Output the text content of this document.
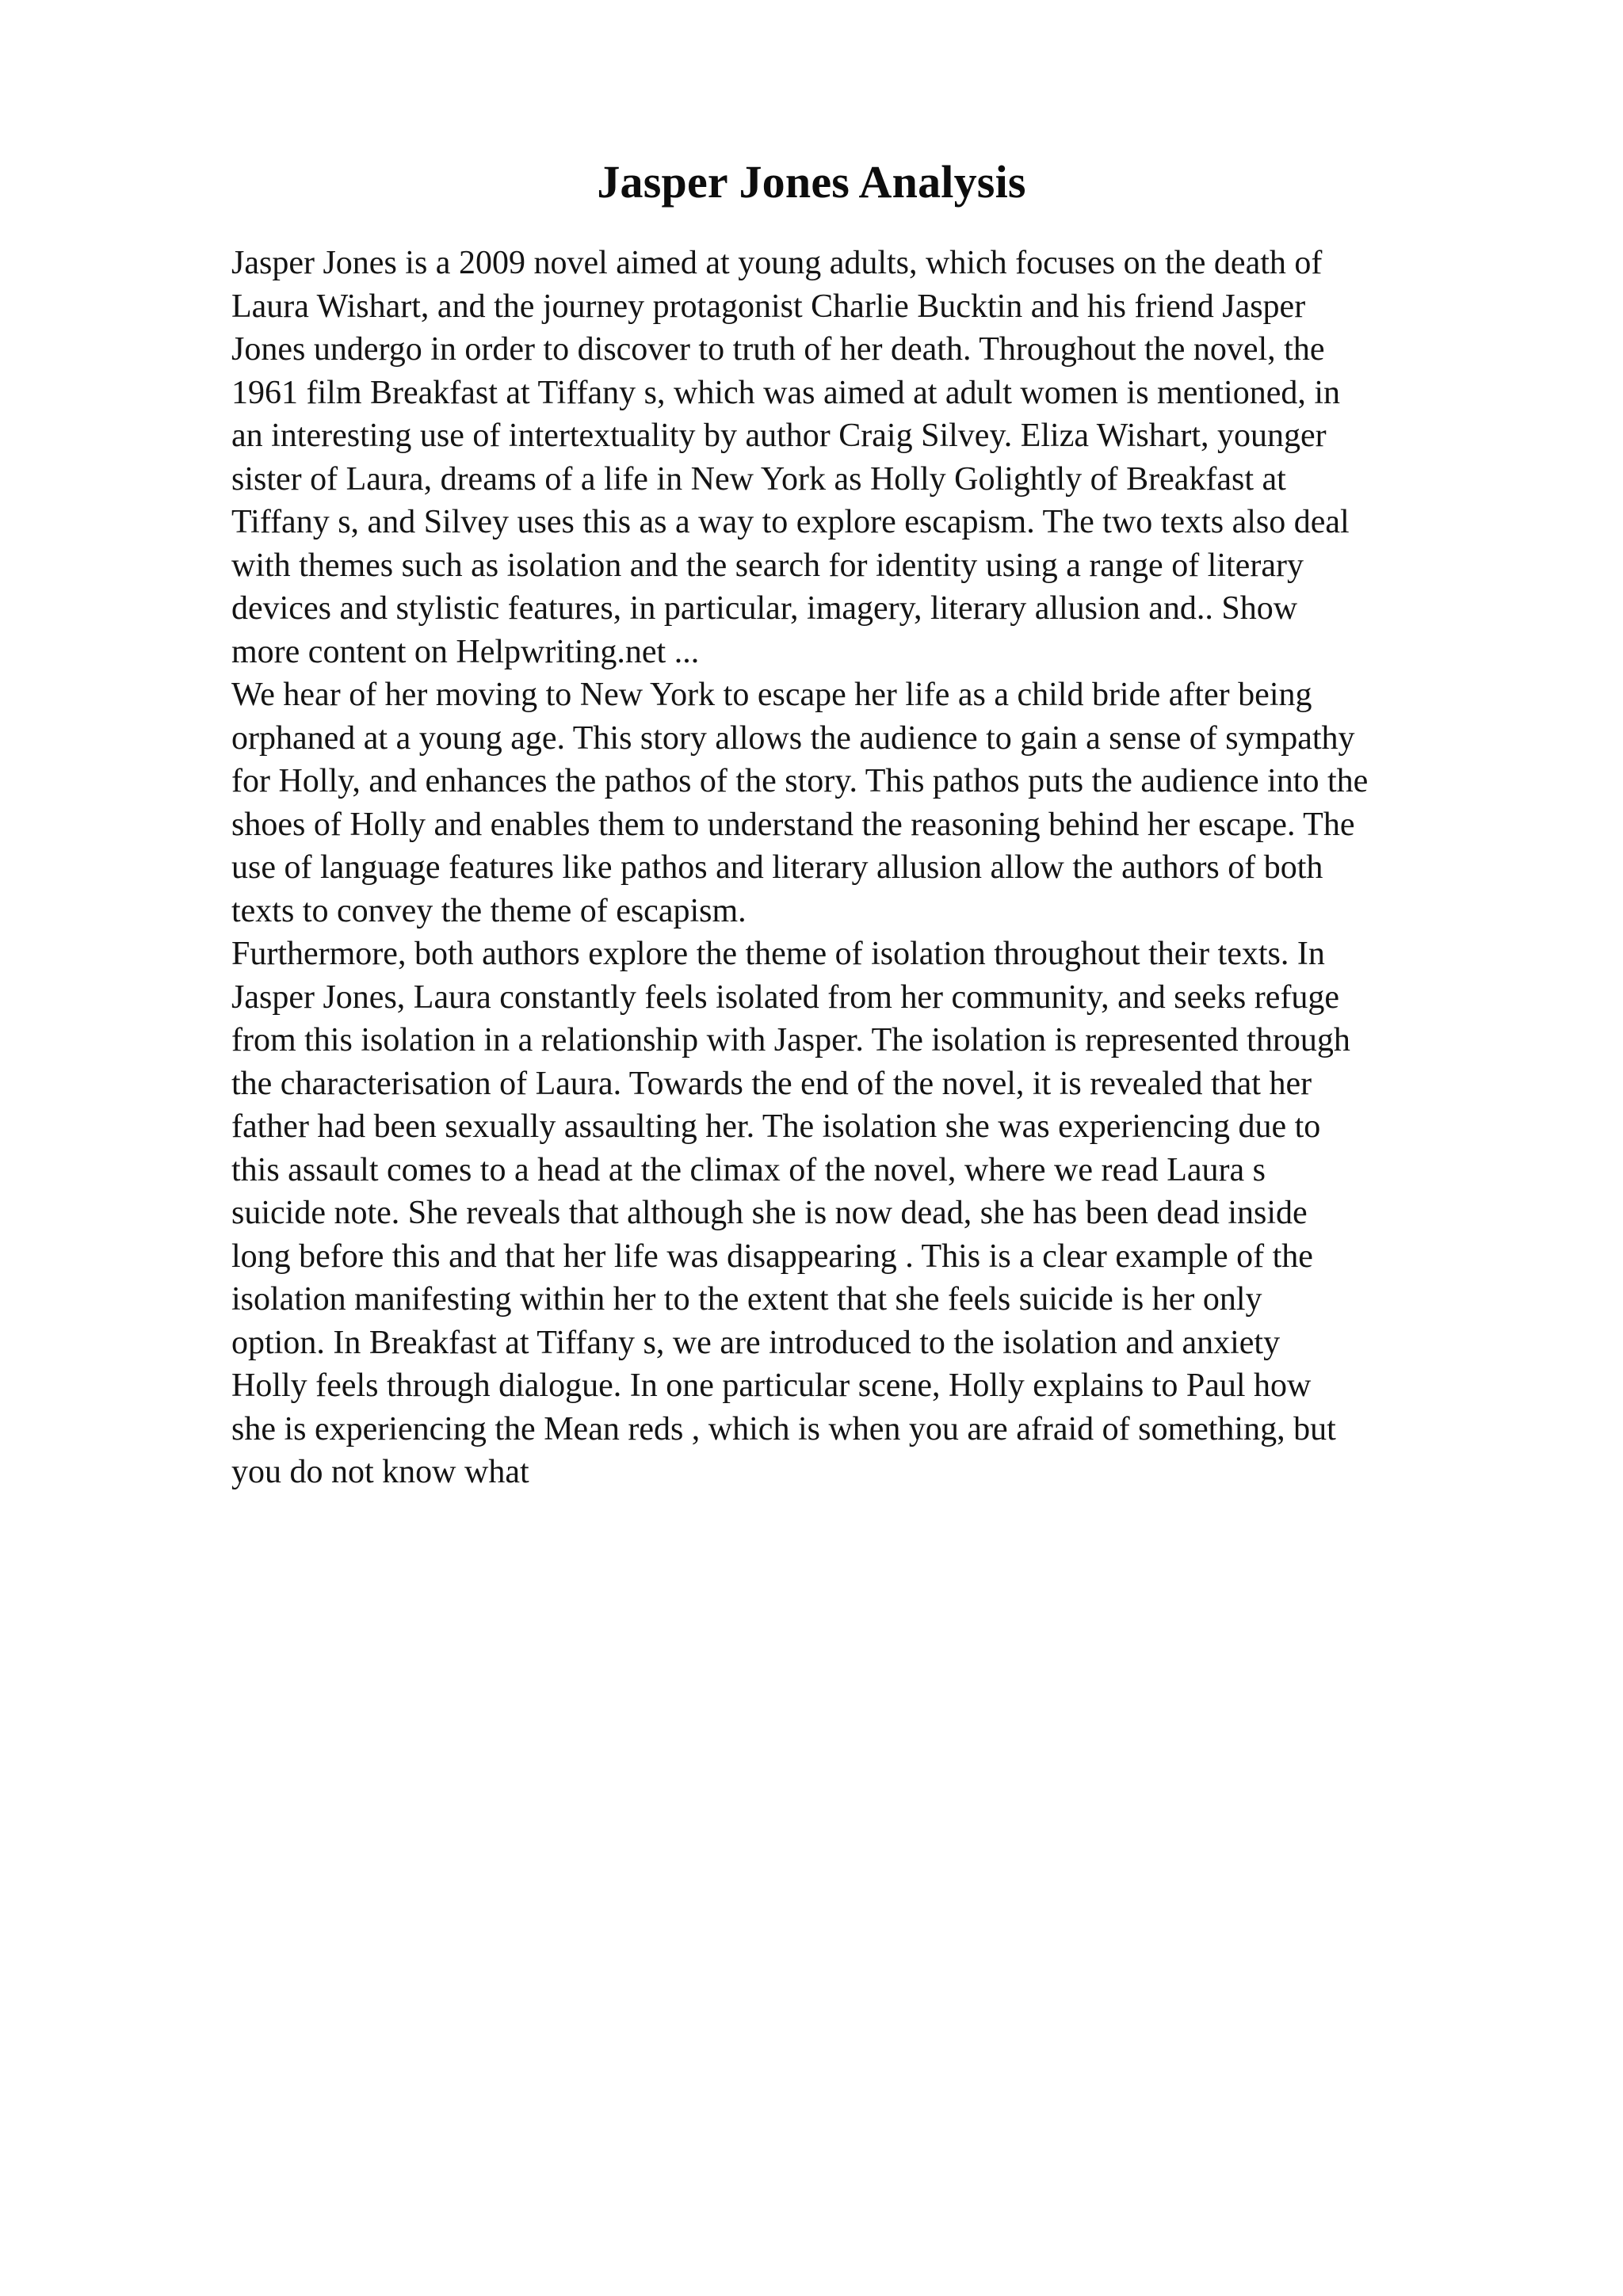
Jasper Jones Analysis
Jasper Jones is a 2009 novel aimed at young adults, which focuses on the death of
Laura Wishart, and the journey protagonist Charlie Bucktin and his friend Jasper
Jones undergo in order to discover to truth of her death. Throughout the novel, the
1961 film Breakfast at Tiffany s, which was aimed at adult women is mentioned, in
an interesting use of intertextuality by author Craig Silvey. Eliza Wishart, younger
sister of Laura, dreams of a life in New York as Holly Golightly of Breakfast at
Tiffany s, and Silvey uses this as a way to explore escapism. The two texts also deal
with themes such as isolation and the search for identity using a range of literary
devices and stylistic features, in particular, imagery, literary allusion and.. Show
more content on Helpwriting.net ...
We hear of her moving to New York to escape her life as a child bride after being
orphaned at a young age. This story allows the audience to gain a sense of sympathy
for Holly, and enhances the pathos of the story. This pathos puts the audience into the
shoes of Holly and enables them to understand the reasoning behind her escape. The
use of language features like pathos and literary allusion allow the authors of both
texts to convey the theme of escapism.
Furthermore, both authors explore the theme of isolation throughout their texts. In
Jasper Jones, Laura constantly feels isolated from her community, and seeks refuge
from this isolation in a relationship with Jasper. The isolation is represented through
the characterisation of Laura. Towards the end of the novel, it is revealed that her
father had been sexually assaulting her. The isolation she was experiencing due to
this assault comes to a head at the climax of the novel, where we read Laura s
suicide note. She reveals that although she is now dead, she has been dead inside
long before this and that her life was disappearing . This is a clear example of the
isolation manifesting within her to the extent that she feels suicide is her only
option. In Breakfast at Tiffany s, we are introduced to the isolation and anxiety
Holly feels through dialogue. In one particular scene, Holly explains to Paul how
she is experiencing the Mean reds , which is when you are afraid of something, but
you do not know what
